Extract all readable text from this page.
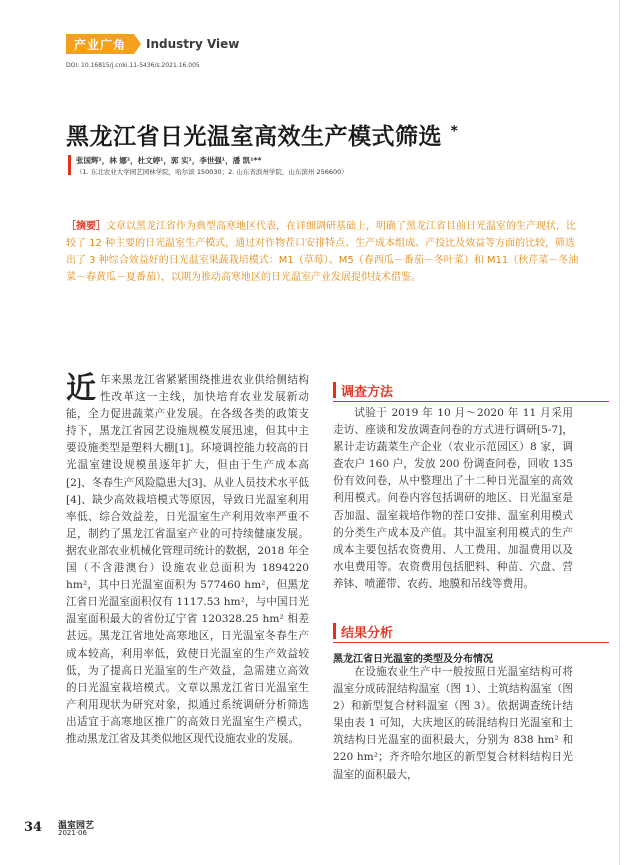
产业广角	Industry View
DOI: 10.16815/j.cnki.11-5436/s.2021.16.005
黑龙江省日光温室高效生产模式筛选 *
张国辉¹，林 娜²，杜文婷¹，郭 实¹，李世强¹，潘 凯¹**
（1. 东北农业大学园艺园林学院，哈尔滨 150030；2. 山东省滨州学院，山东滨州 256600）
［摘要］文章以黑龙江省作为典型高寒地区代表，在详细调研基础上，明确了黑龙江省目前日光温室的生产现状，比较了 12 种主要的日光温室生产模式，通过对作物茬口安排特点、生产成本组成、产投比及效益等方面的比较，筛选出了 3 种综合效益好的日光温室果蔬栽培模式：M1（草莓）、M5（春西瓜－番茄－冬叶菜）和 M11（秋芹菜－冬油菜－春黄瓜－夏番茄），以期为推动高寒地区的日光温室产业发展提供技术借鉴。
近年来黑龙江省紧紧围绕推进农业供给侧结构性改革这一主线，加快培育农业发展新动能，全力促进蔬菜产业发展。在各级各类的政策支持下，黑龙江省园艺设施规模发展迅速，但其中主要设施类型是塑料大棚[1]。环境调控能力较高的日光温室建设规模虽逐年扩大，但由于生产成本高[2]、冬春生产风险隐患大[3]、从业人员技术水平低[4]、缺少高效栽培模式等原因，导致日光温室利用率低、综合效益差，日光温室生产利用效率严重不足，制约了黑龙江省温室产业的可持续健康发展。据农业部农业机械化管理司统计的数据，2018 年全国（不含港澳台）设施农业总面积为 1894220 hm²，其中日光温室面积为 577460 hm²，但黑龙江省日光温室面积仅有 1117.53 hm²，与中国日光温室面积最大的省份辽宁省 120328.25 hm² 相差甚远。黑龙江省地处高寒地区，日光温室冬春生产成本较高，利用率低，致使日光温室的生产效益较低，为了提高日光温室的生产效益，急需建立高效的日光温室栽培模式。文章以黑龙江省日光温室生产利用现状为研究对象，拟通过系统调研分析筛选出适宜于高寒地区推广的高效日光温室生产模式，推动黑龙江省及其类似地区现代设施农业的发展。
调查方法
试验于 2019 年 10 月～2020 年 11 月采用走访、座谈和发放调查问卷的方式进行调研[5-7]，累计走访蔬菜生产企业（农业示范园区）8 家，调查农户 160 户，发放 200 份调查问卷，回收 135 份有效问卷，从中整理出了十二种日光温室的高效利用模式。问卷内容包括调研的地区、日光温室是否加温、温室栽培作物的茬口安排、温室利用模式的分类生产成本及产值。其中温室利用模式的生产成本主要包括农资费用、人工费用、加温费用以及水电费用等。农资费用包括肥料、种苗、穴盘、营养钵、喷灌带、农药、地膜和吊线等费用。
结果分析
黑龙江省日光温室的类型及分布情况
在设施农业生产中一般按照日光温室结构可将温室分成砖混结构温室（图 1）、土筑结构温室（图 2）和新型复合材料温室（图 3）。依据调查统计结果由表 1 可知，大庆地区的砖混结构日光温室和土筑结构日光温室的面积最大，分别为 838 hm² 和 220 hm²；齐齐哈尔地区的新型复合材料结构日光温室的面积最大，
34 温室园艺
2021·06
